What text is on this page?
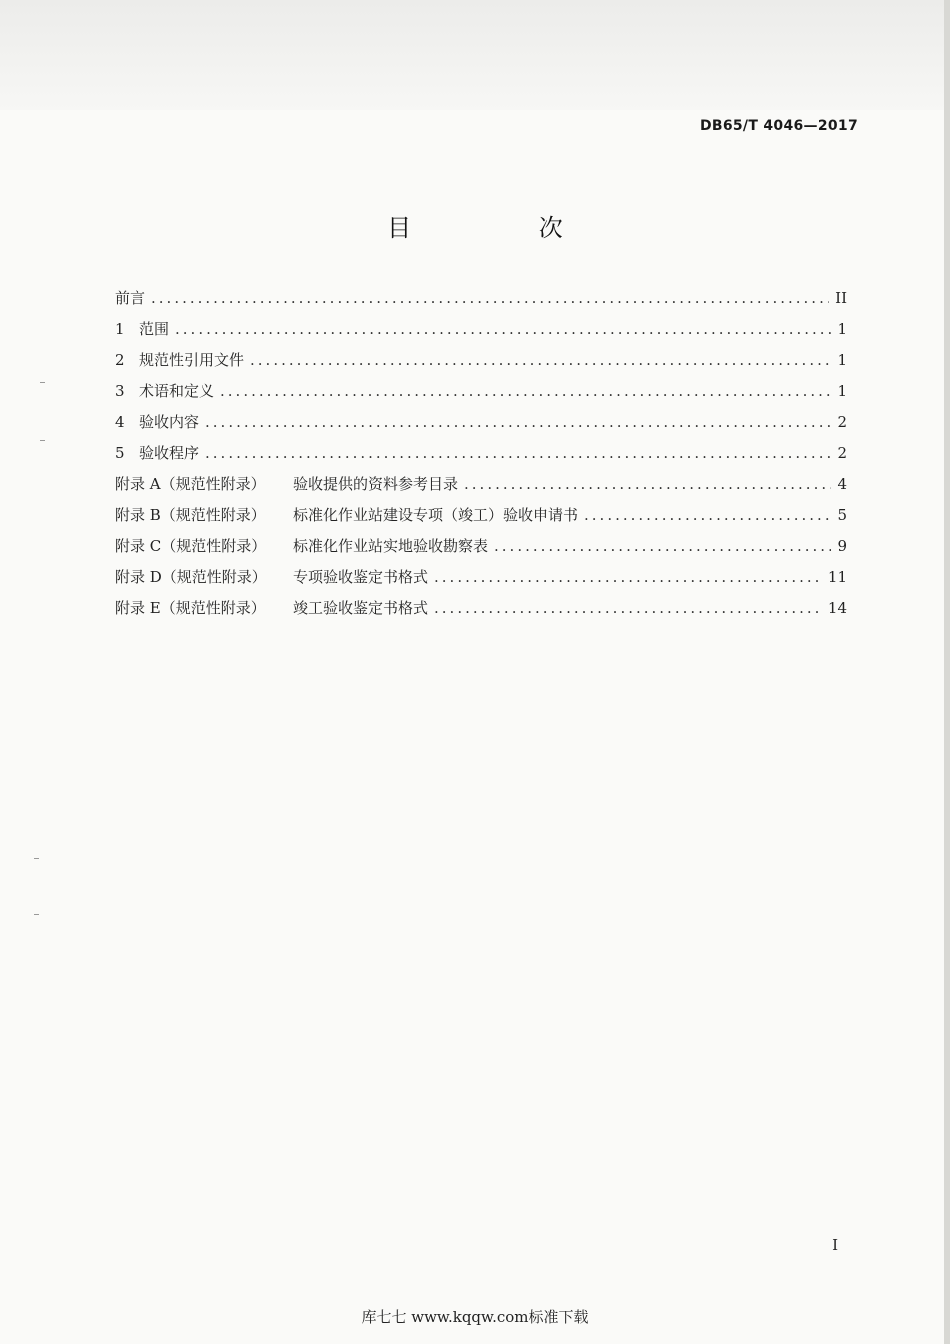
DB65/T 4046—2017
目 次
前言 .....	II
1 范围 .....	1
2 规范性引用文件 .....	1
3 术语和定义 .....	1
4 验收内容 .....	2
5 验收程序 .....	2
附录 A（规范性附录）	验收提供的资料参考目录 .....	4
附录 B（规范性附录）	标准化作业站建设专项（竣工）验收申请书 .....	5
附录 C（规范性附录）	标准化作业站实地验收勘察表 .....	9
附录 D（规范性附录）	专项验收鉴定书格式 .....	11
附录 E（规范性附录）	竣工验收鉴定书格式 .....	14
I
库七七 www.kqqw.com标准下载
